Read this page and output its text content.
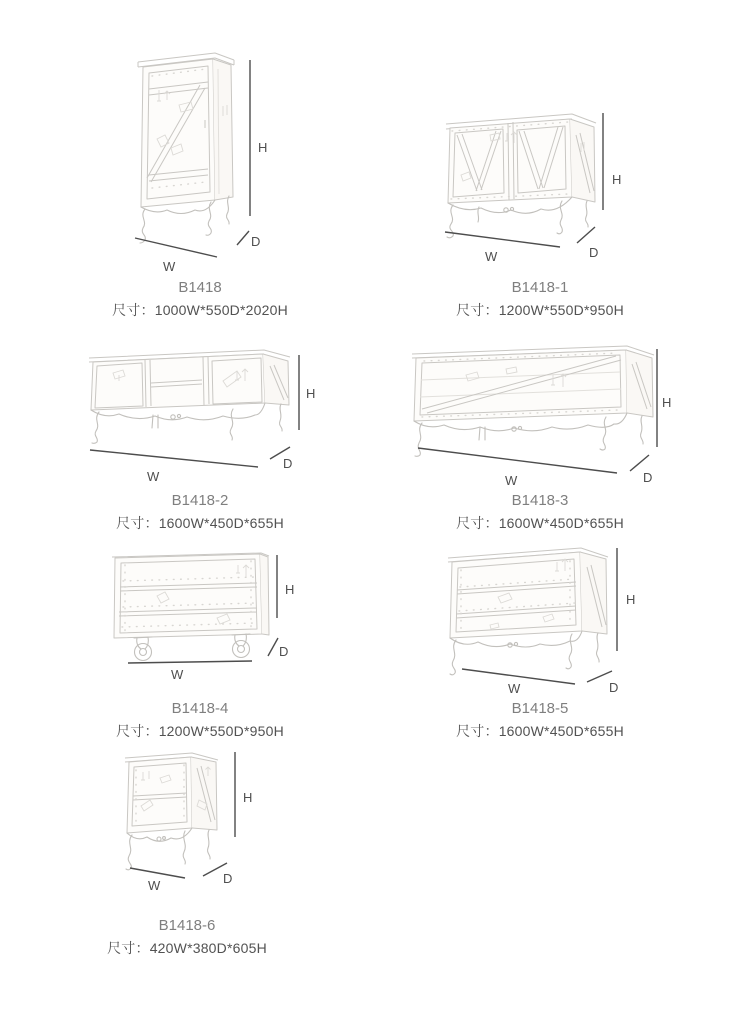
H
W
D
H
W	D
H
W
D
H
W	D
H
W
D
H
W	D
H
W	D
B1418
尺寸：1000W*550D*2020H
B1418-1
尺寸：1200W*550D*950H
B1418-2
尺寸：1600W*450D*655H
B1418-3
尺寸：1600W*450D*655H
B1418-4
尺寸：1200W*550D*950H
B1418-5
尺寸：1600W*450D*655H
B1418-6
尺寸：420W*380D*605H
